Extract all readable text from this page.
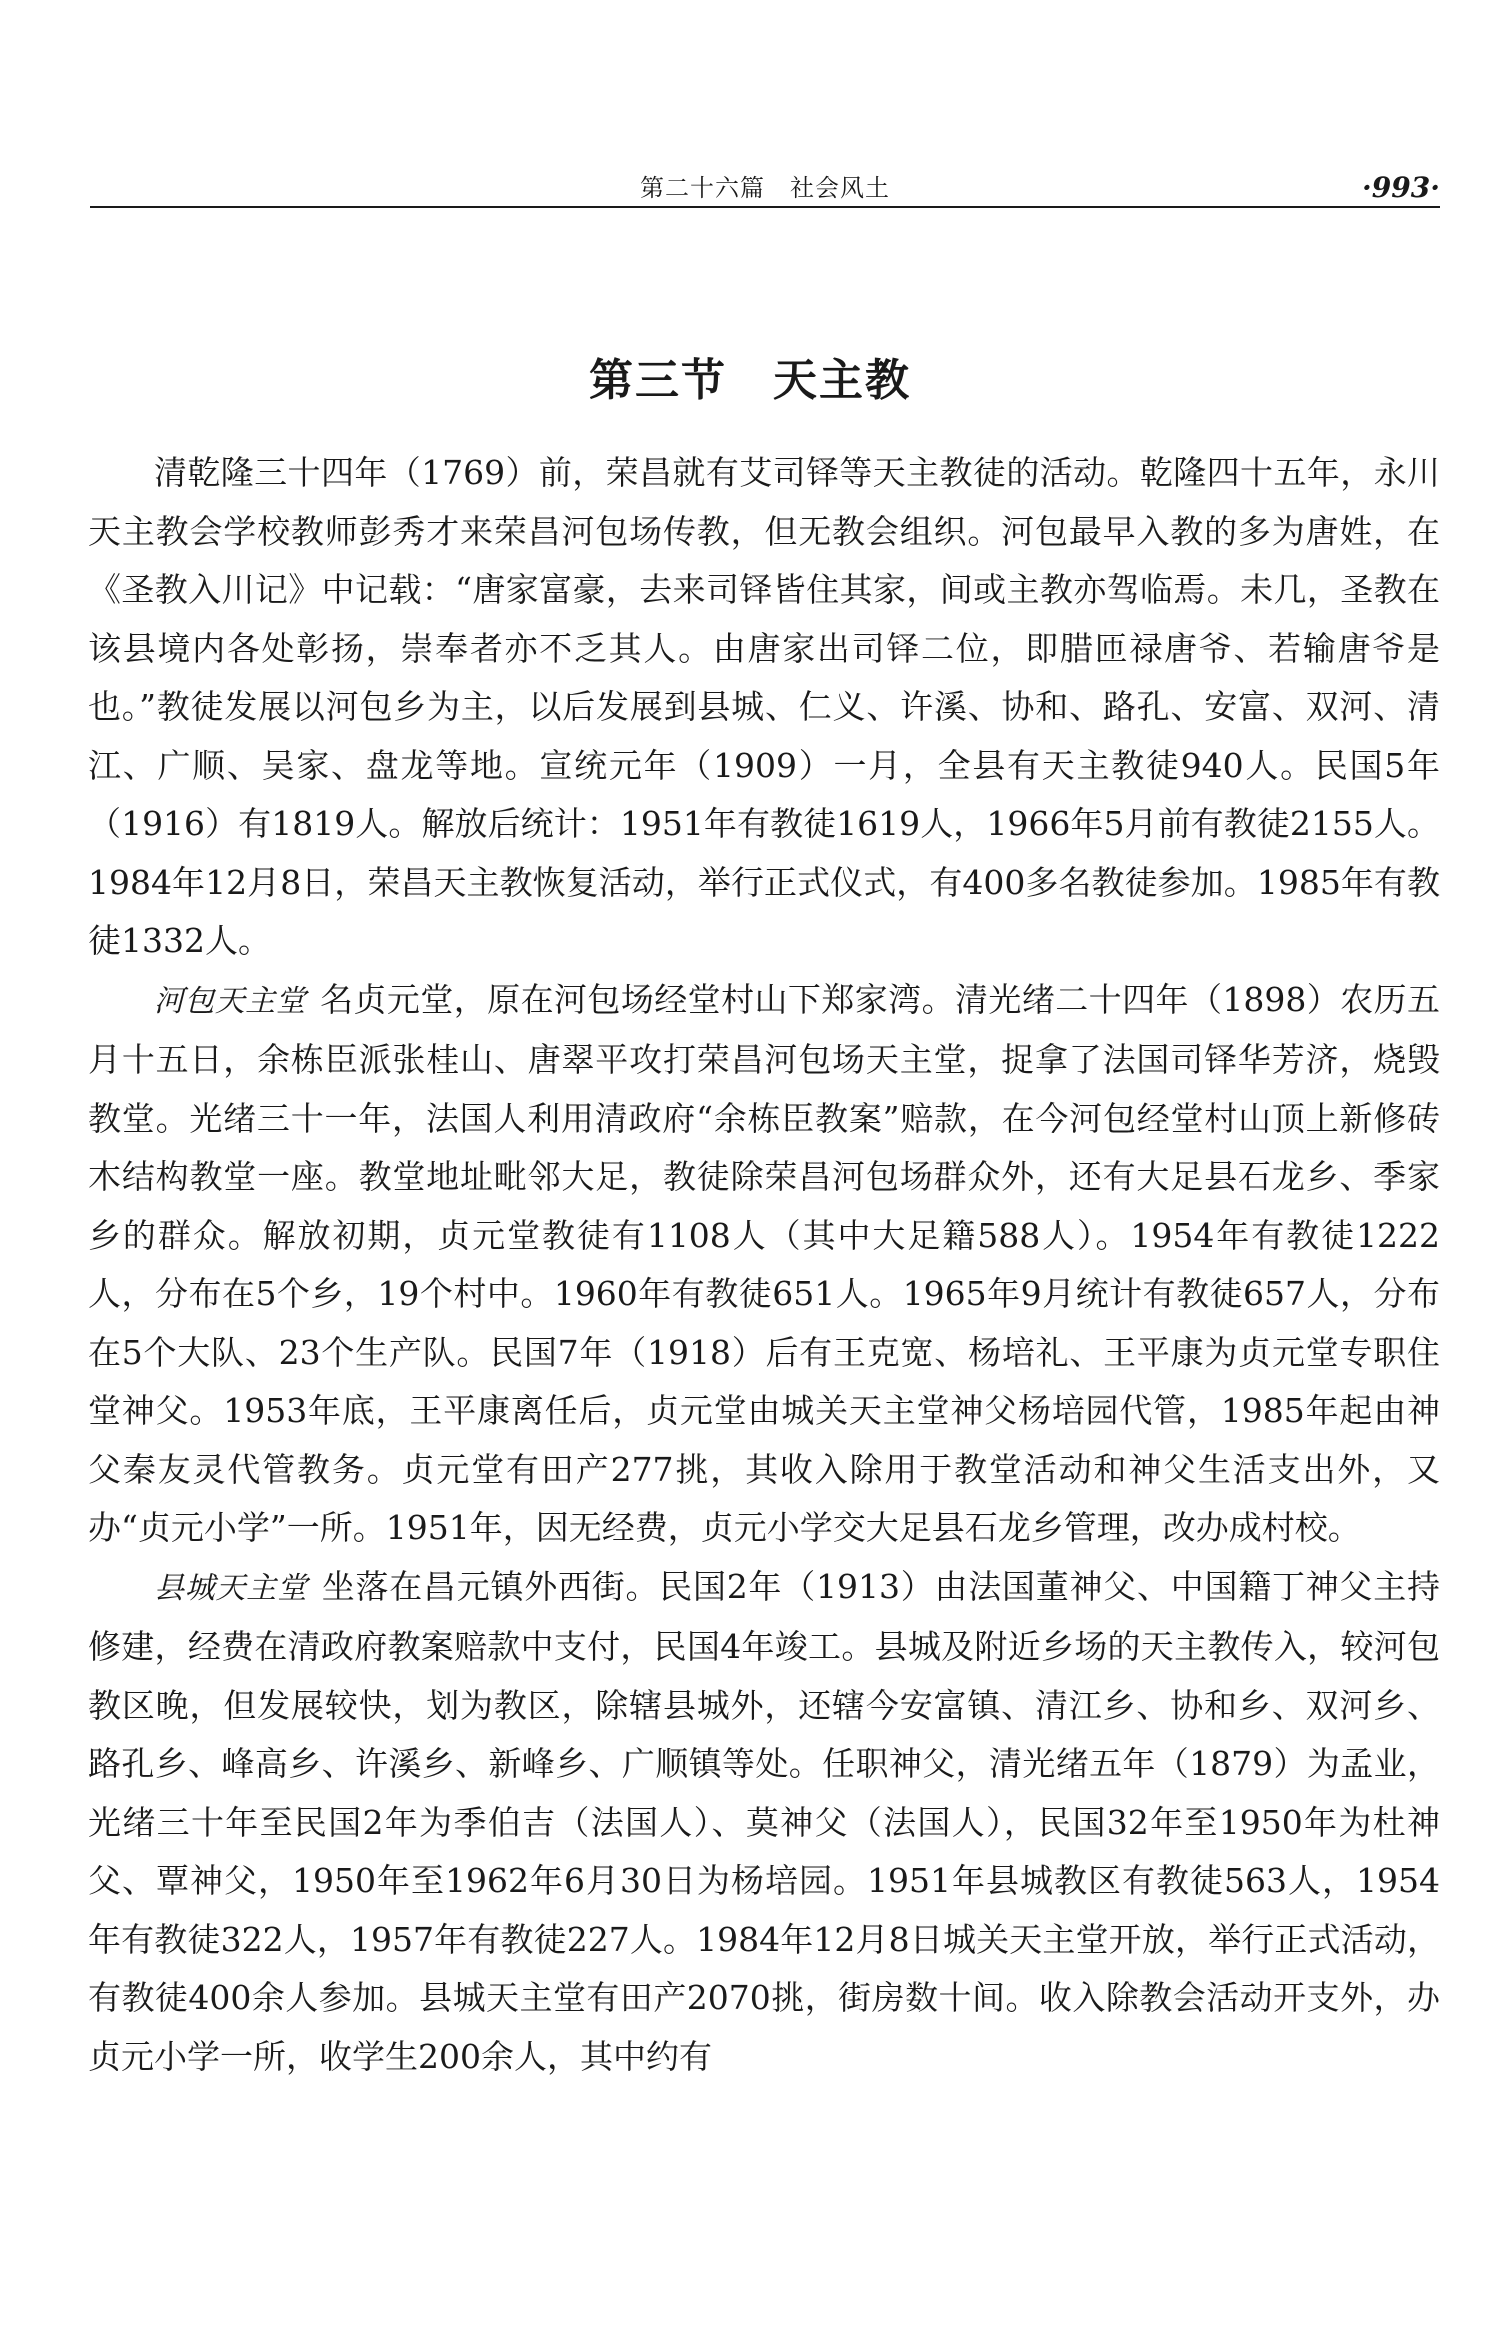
第二十六篇　社会风土	·993·
第三节　天主教

清乾隆三十四年（1769）前，荣昌就有艾司铎等天主教徒的活动。乾隆四十五年，永川天主教会学校教师彭秀才来荣昌河包场传教，但无教会组织。河包最早入教的多为唐姓，在《圣教入川记》中记载：“唐家富豪，去来司铎皆住其家，间或主教亦驾临焉。未几，圣教在该县境内各处彰扬，崇奉者亦不乏其人。由唐家出司铎二位，即腊匝禄唐爷、若输唐爷是也。”教徒发展以河包乡为主，以后发展到县城、仁义、许溪、协和、路孔、安富、双河、清江、广顺、吴家、盘龙等地。宣统元年（1909）一月，全县有天主教徒940人。民国5年（1916）有1819人。解放后统计：1951年有教徒1619人，1966年5月前有教徒2155人。1984年12月8日，荣昌天主教恢复活动，举行正式仪式，有400多名教徒参加。1985年有教徒1332人。

河包天主堂 名贞元堂，原在河包场经堂村山下郑家湾。清光绪二十四年（1898）农历五月十五日，余栋臣派张桂山、唐翠平攻打荣昌河包场天主堂，捉拿了法国司铎华芳济，烧毁教堂。光绪三十一年，法国人利用清政府“余栋臣教案”赔款，在今河包经堂村山顶上新修砖木结构教堂一座。教堂地址毗邻大足，教徒除荣昌河包场群众外，还有大足县石龙乡、季家乡的群众。解放初期，贞元堂教徒有1108人（其中大足籍588人）。1954年有教徒1222人，分布在5个乡，19个村中。1960年有教徒651人。1965年9月统计有教徒657人，分布在5个大队、23个生产队。民国7年（1918）后有王克宽、杨培礼、王平康为贞元堂专职住堂神父。1953年底，王平康离任后，贞元堂由城关天主堂神父杨培园代管，1985年起由神父秦友灵代管教务。贞元堂有田产277挑，其收入除用于教堂活动和神父生活支出外，又办“贞元小学”一所。1951年，因无经费，贞元小学交大足县石龙乡管理，改办成村校。

县城天主堂 坐落在昌元镇外西街。民国2年（1913）由法国董神父、中国籍丁神父主持修建，经费在清政府教案赔款中支付，民国4年竣工。县城及附近乡场的天主教传入，较河包教区晚，但发展较快，划为教区，除辖县城外，还辖今安富镇、清江乡、协和乡、双河乡、路孔乡、峰高乡、许溪乡、新峰乡、广顺镇等处。任职神父，清光绪五年（1879）为孟业，光绪三十年至民国2年为季伯吉（法国人）、莫神父（法国人），民国32年至1950年为杜神父、覃神父，1950年至1962年6月30日为杨培园。1951年县城教区有教徒563人，1954年有教徒322人，1957年有教徒227人。1984年12月8日城关天主堂开放，举行正式活动，有教徒400余人参加。县城天主堂有田产2070挑，街房数十间。收入除教会活动开支外，办贞元小学一所，收学生200余人，其中约有
